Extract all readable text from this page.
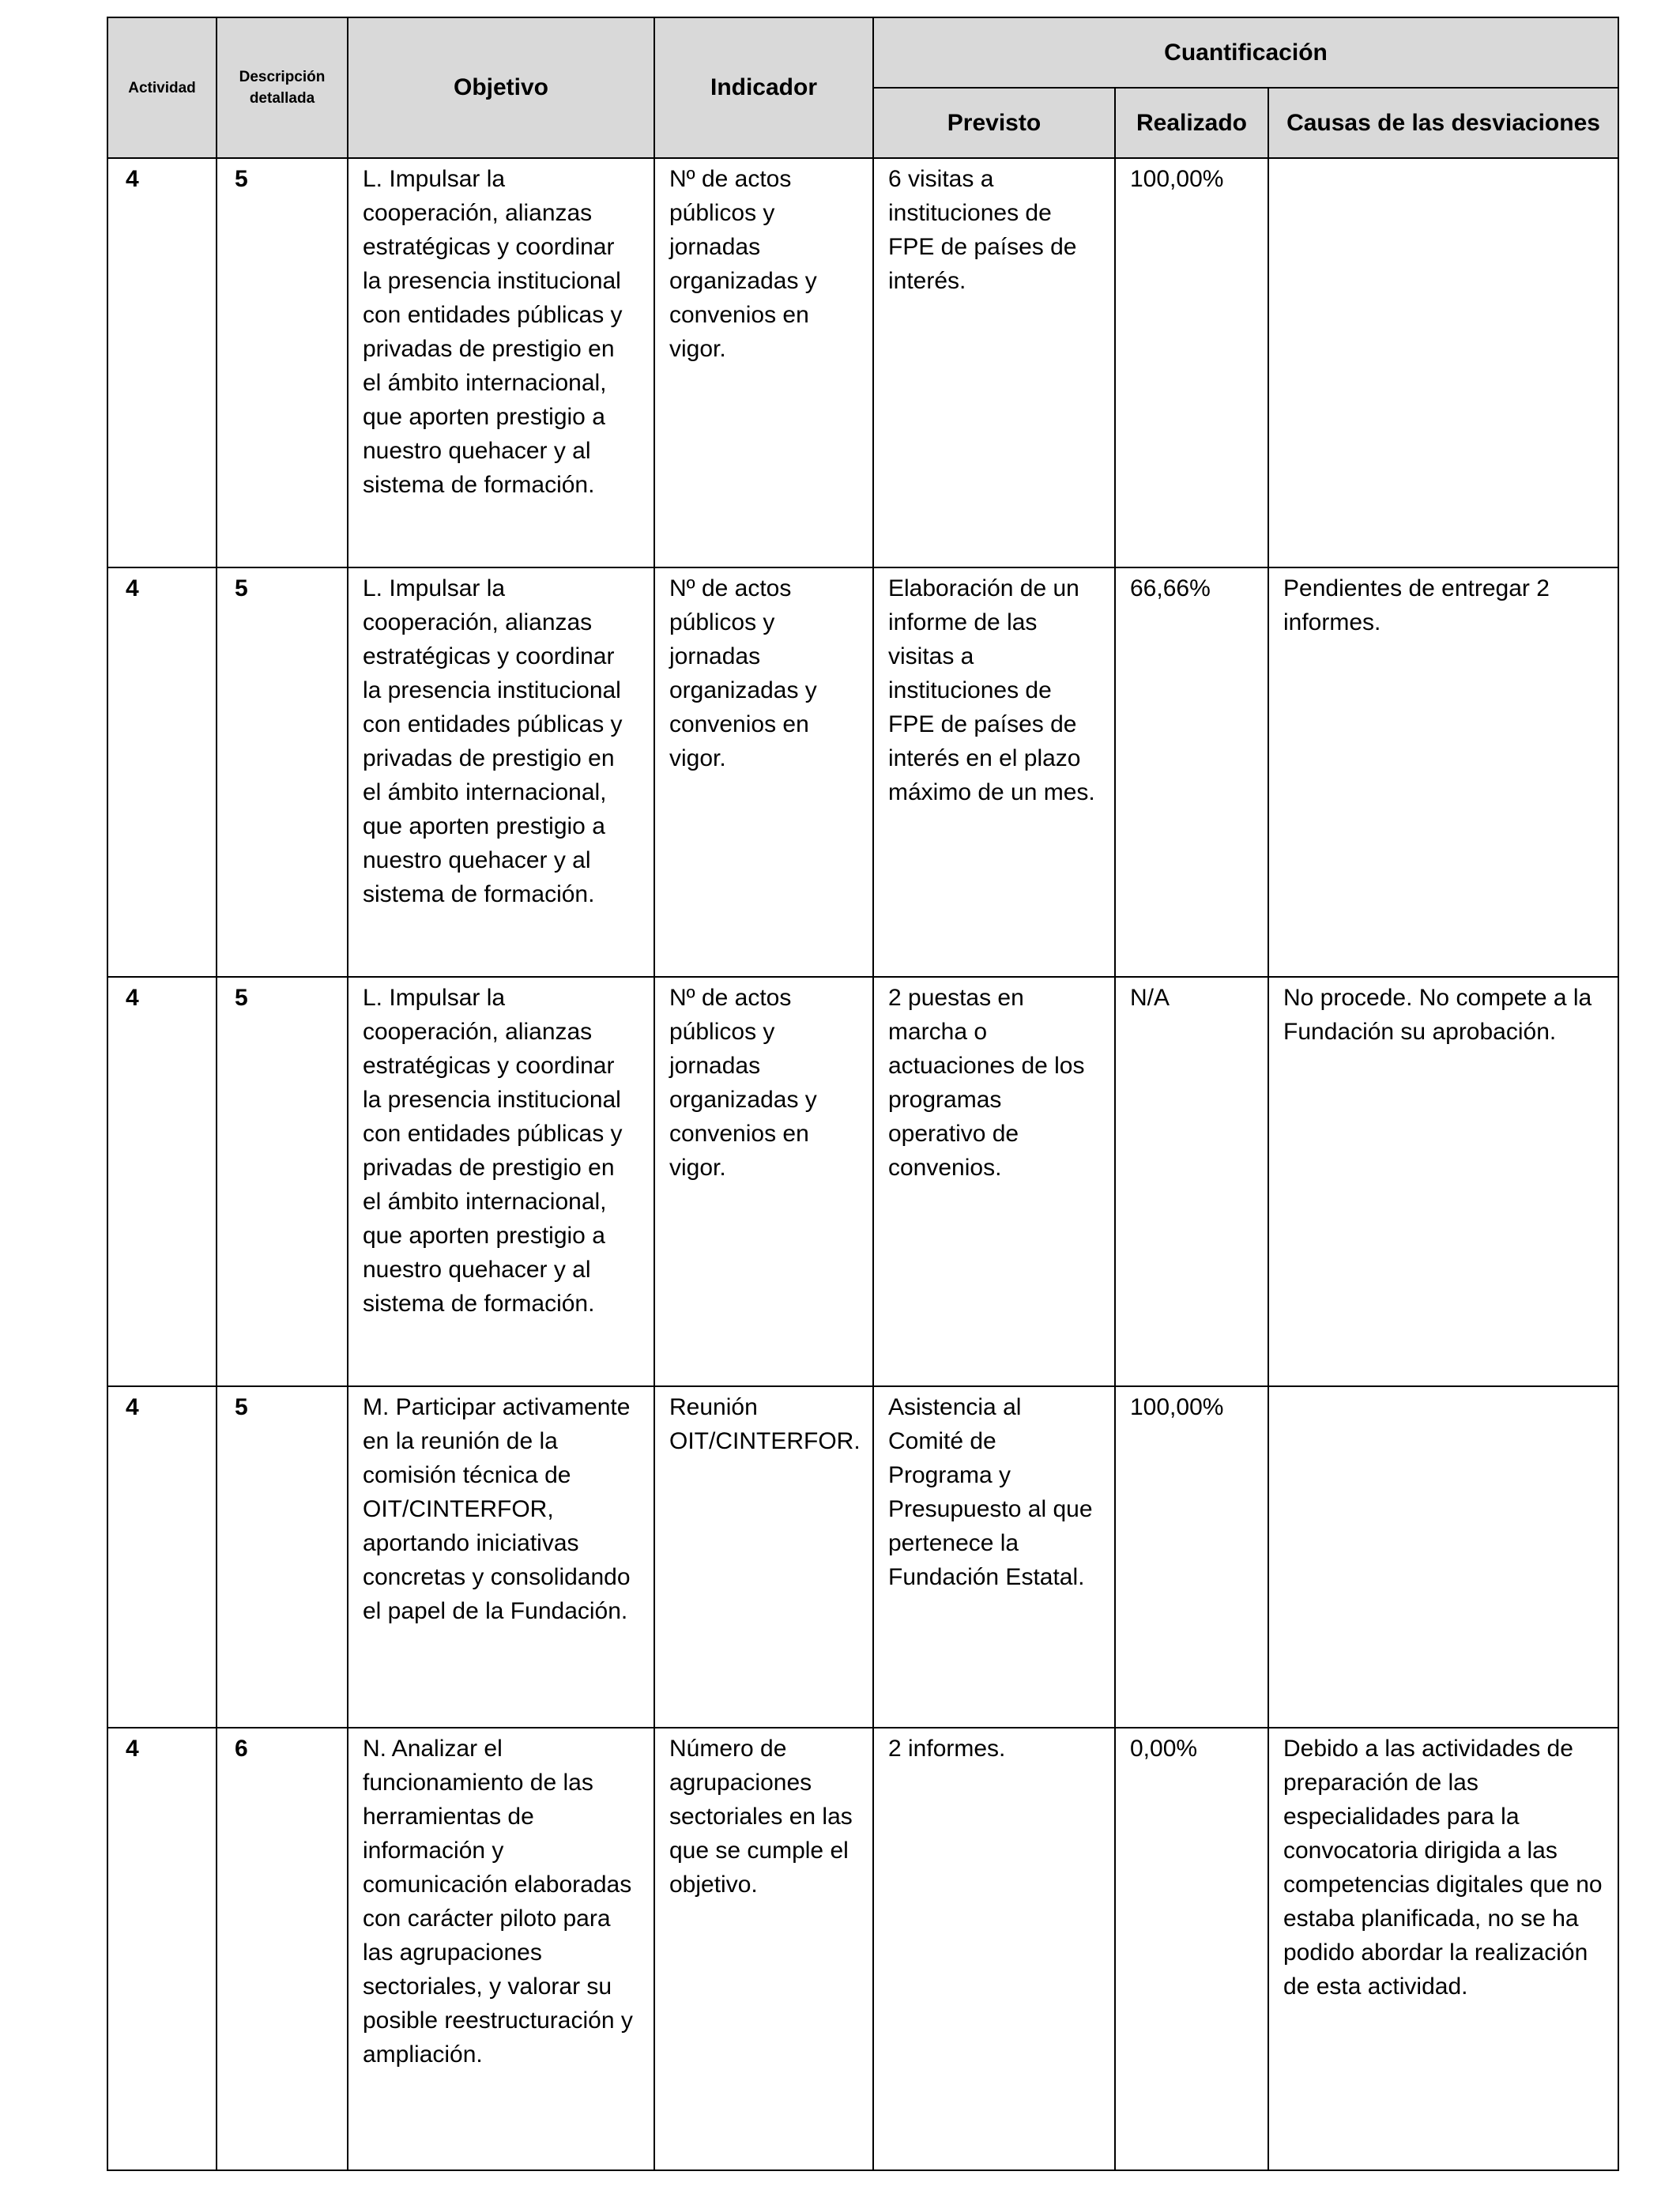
Actividad	Descripción detallada	Objetivo	Indicador	Cuantificación		
				Previsto	Realizado	Causas de las desviaciones
4	5	L. Impulsar la cooperación, alianzas estratégicas y coordinar la presencia institucional con entidades públicas y privadas de prestigio en el ámbito internacional, que aporten prestigio a nuestro quehacer y al sistema de formación.	Nº de actos públicos y jornadas organizadas y convenios en vigor.	6 visitas a instituciones de FPE de países de interés.	100,00%	
4	5	L. Impulsar la cooperación, alianzas estratégicas y coordinar la presencia institucional con entidades públicas y privadas de prestigio en el ámbito internacional, que aporten prestigio a nuestro quehacer y al sistema de formación.	Nº de actos públicos y jornadas organizadas y convenios en vigor.	Elaboración de un informe de las visitas a instituciones de FPE de países de interés en el plazo máximo de un mes.	66,66%	Pendientes de entregar 2 informes.
4	5	L. Impulsar la cooperación, alianzas estratégicas y coordinar la presencia institucional con entidades públicas y privadas de prestigio en el ámbito internacional, que aporten prestigio a nuestro quehacer y al sistema de formación.	Nº de actos públicos y jornadas organizadas y convenios en vigor.	2 puestas en marcha o actuaciones de los programas operativo de convenios.	N/A	No procede. No compete a la Fundación su aprobación.
4	5	M. Participar activamente en la reunión de la comisión técnica de OIT/CINTERFOR, aportando iniciativas concretas y consolidando el papel de la Fundación.	Reunión OIT/CINTERFOR.	Asistencia al Comité de Programa y Presupuesto al que pertenece la Fundación Estatal.	100,00%	
4	6	N. Analizar el funcionamiento de las herramientas de información y comunicación elaboradas con carácter piloto para las agrupaciones sectoriales, y valorar su posible reestructuración y ampliación.	Número de agrupaciones sectoriales en las que se cumple el objetivo.	2 informes.	0,00%	Debido a las actividades de preparación de las especialidades para la convocatoria dirigida a las competencias digitales que no estaba planificada, no se ha podido abordar la realización de esta actividad.
